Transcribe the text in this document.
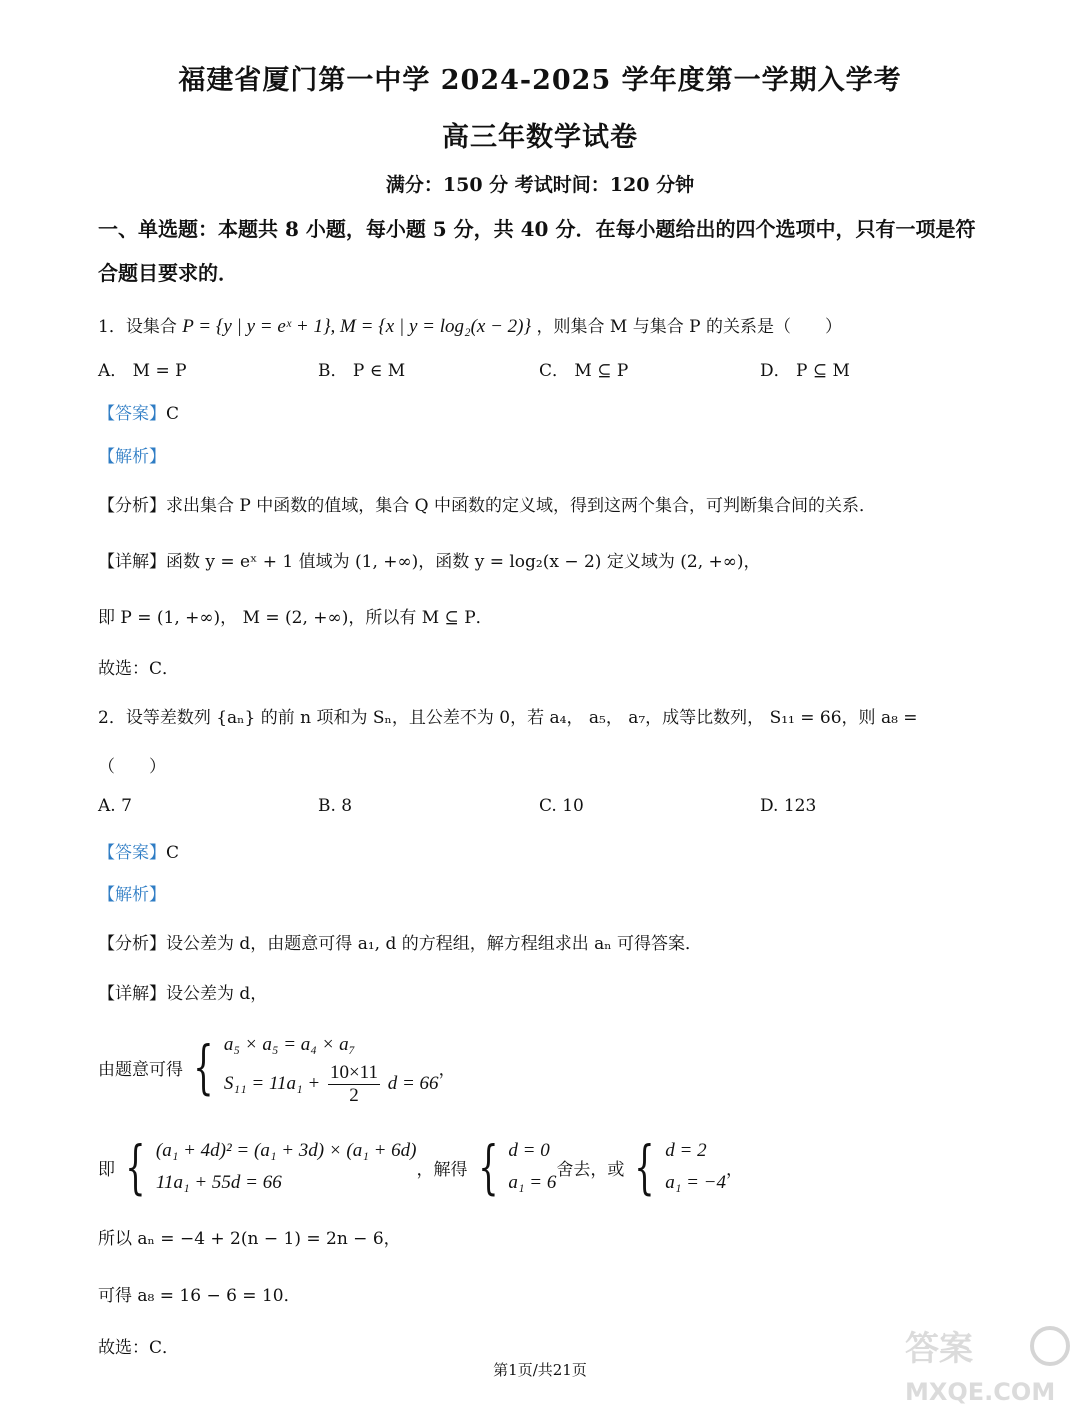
福建省厦门第一中学 2024-2025 学年度第一学期入学考
高三年数学试卷
满分：150 分 考试时间：120 分钟
一、单选题：本题共 8 小题，每小题 5 分，共 40 分．在每小题给出的四个选项中，只有一项是符合题目要求的．
1．设集合 P = {y | y = eˣ + 1}, M = {x | y = log₂(x − 2)} ，则集合 M 与集合 P 的关系是（　　）
A． M = P	B． P ∈ M	C． M ⊆ P	D． P ⊆ M
【答案】C
【解析】
【分析】求出集合 P 中函数的值域，集合 Q 中函数的定义域，得到这两个集合，可判断集合间的关系．
【详解】函数 y = eˣ + 1 值域为 (1, +∞)，函数 y = log₂(x − 2) 定义域为 (2, +∞)，
即 P = (1, +∞)， M = (2, +∞)，所以有 M ⊆ P．
故选：C．
2．设等差数列 {aₙ} 的前 n 项和为 Sₙ，且公差不为 0，若 a₄， a₅， a₇，成等比数列， S₁₁ = 66，则 a₈ =
（　　）
A. 7	B. 8	C. 10	D. 123
【答案】C
【解析】
【分析】设公差为 d，由题意可得 a₁, d 的方程组，解方程组求出 aₙ 可得答案．
【详解】设公差为 d，
由题意可得 { a₅ × a₅ = a₄ × a₇
$S_{11} = 11a_1 + \frac{10\times 11}{2}$ d = 66
，
即 { (a₁ + 4d)² = (a₁ + 3d) × (a₁ + 6d)
11a₁ + 55d = 66
，解得 { d = 0
a₁ = 6
舍去，或 { d = 2
a₁ = −4
，
所以 aₙ = −4 + 2(n − 1) = 2n − 6，
可得 a₈ = 16 − 6 = 10．
故选：C．
第1页/共21页
答案
MXQE.COM
